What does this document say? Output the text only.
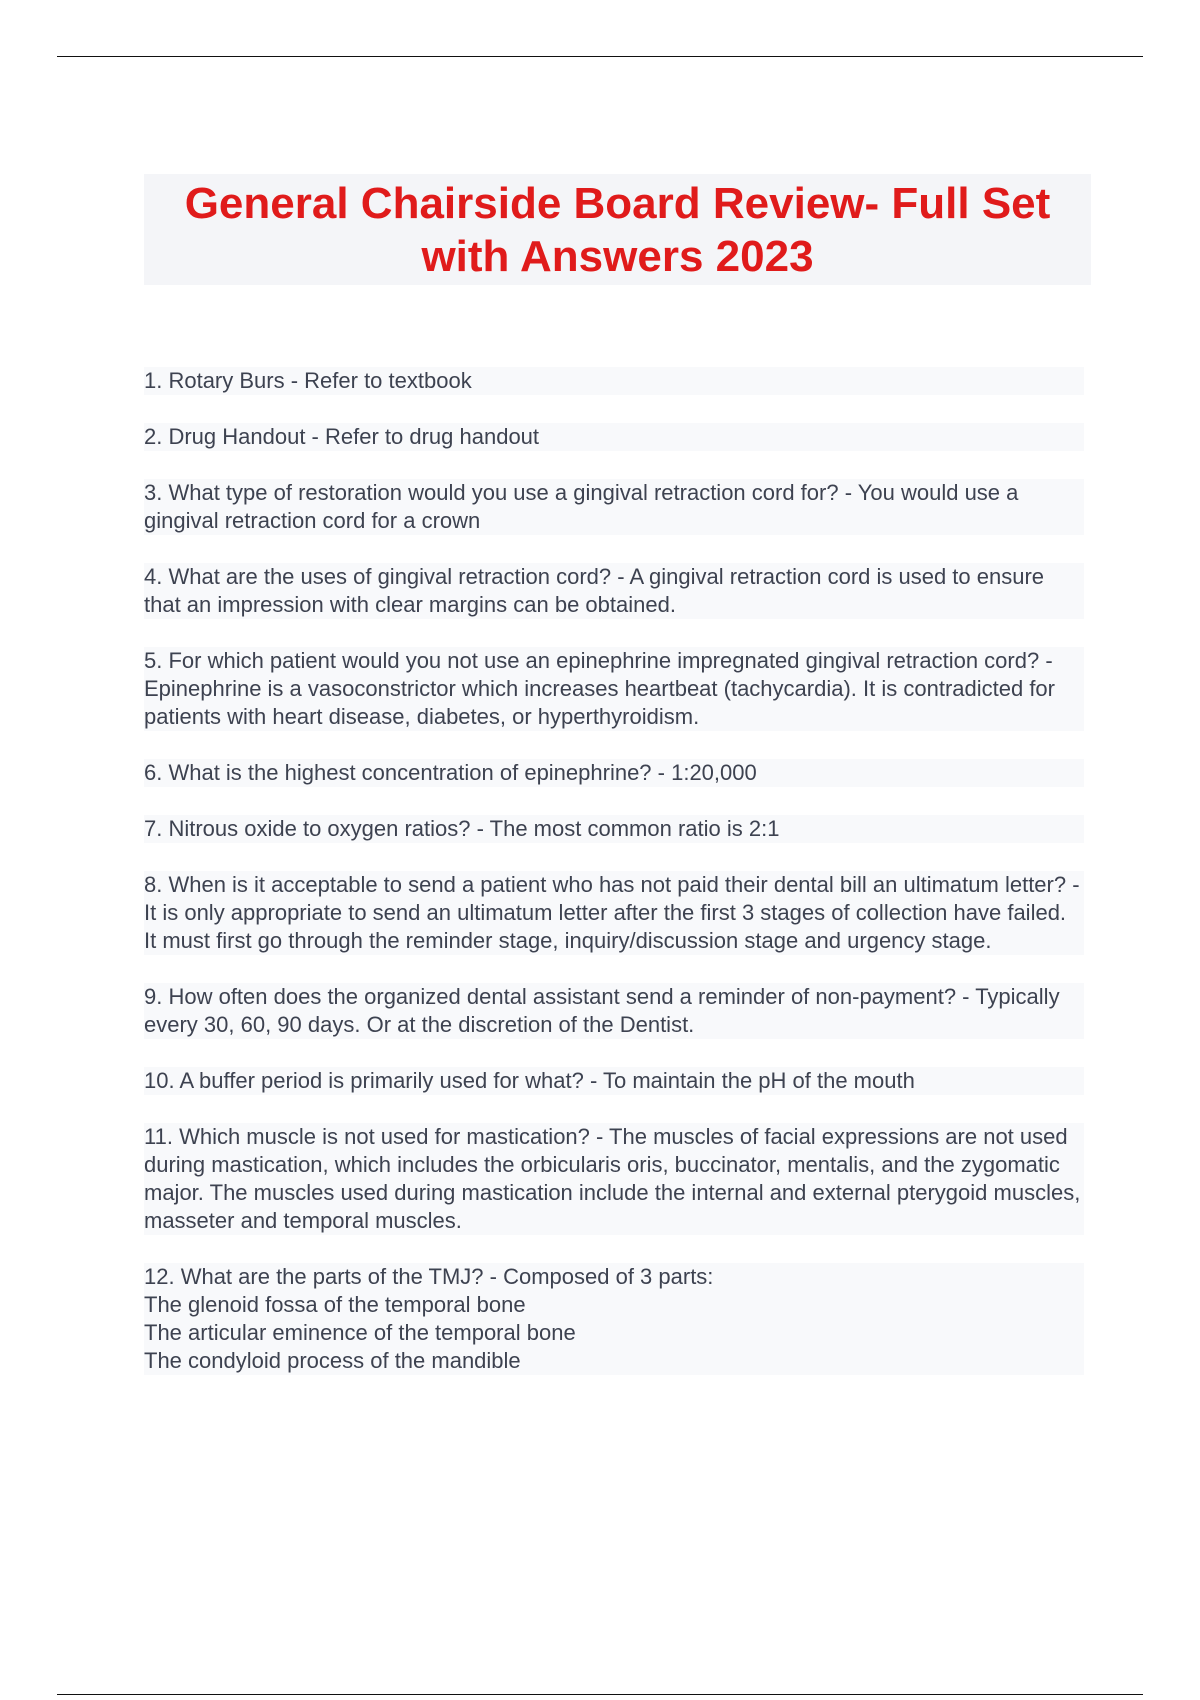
General Chairside Board Review- Full Set with Answers 2023
1. Rotary Burs - Refer to textbook
2. Drug Handout - Refer to drug handout
3. What type of restoration would you use a gingival retraction cord for? - You would use a gingival retraction cord for a crown
4. What are the uses of gingival retraction cord? - A gingival retraction cord is used to ensure that an impression with clear margins can be obtained.
5. For which patient would you not use an epinephrine impregnated gingival retraction cord? - Epinephrine is a vasoconstrictor which increases heartbeat (tachycardia). It is contradicted for patients with heart disease, diabetes, or hyperthyroidism.
6. What is the highest concentration of epinephrine? - 1:20,000
7. Nitrous oxide to oxygen ratios? - The most common ratio is 2:1
8. When is it acceptable to send a patient who has not paid their dental bill an ultimatum letter? - It is only appropriate to send an ultimatum letter after the first 3 stages of collection have failed. It must first go through the reminder stage, inquiry/discussion stage and urgency stage.
9. How often does the organized dental assistant send a reminder of non-payment? - Typically every 30, 60, 90 days. Or at the discretion of the Dentist.
10. A buffer period is primarily used for what? - To maintain the pH of the mouth
11. Which muscle is not used for mastication? - The muscles of facial expressions are not used during mastication, which includes the orbicularis oris, buccinator, mentalis, and the zygomatic major. The muscles used during mastication include the internal and external pterygoid muscles, masseter and temporal muscles.
12. What are the parts of the TMJ? - Composed of 3 parts:
The glenoid fossa of the temporal bone
The articular eminence of the temporal bone
The condyloid process of the mandible
